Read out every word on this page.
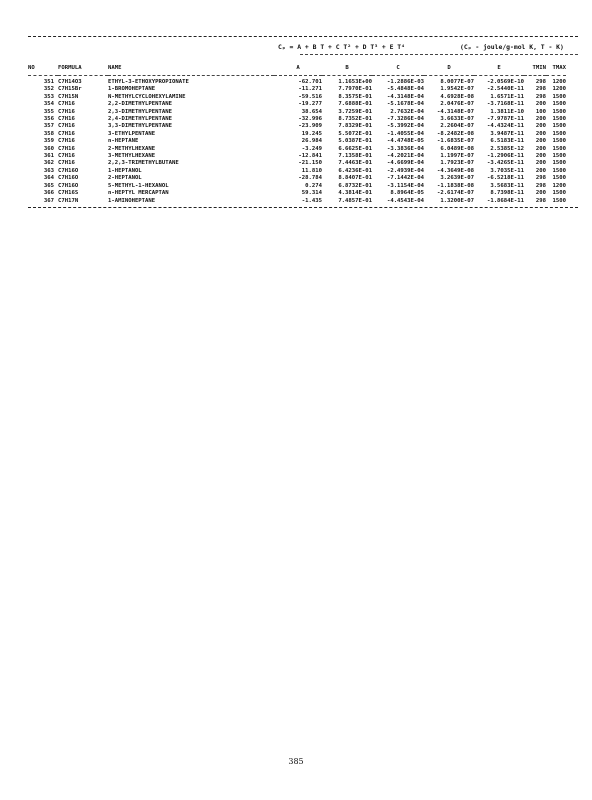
Cₚ = A + B T + C T² + D T³ + E T⁴	(Cₚ - joule/g-mol K, T - K)
NO	FORMULA	NAME	A	B	C	D	E	TMIN	TMAX

351	C7H14O3	ETHYL-3-ETHOXYPROPIONATE	-62.701	1.1653E+00	-1.2886E-03	8.0077E-07	-2.0569E-10	298	1200
352	C7H15Br	1-BROMOHEPTANE	-11.271	7.7970E-01	-5.4848E-04	1.9542E-07	-2.5440E-11	298	1200
353	C7H15N	N-METHYLCYCLOHEXYLAMINE	-59.516	8.3575E-01	-4.3148E-04	4.6928E-08	1.6571E-11	298	1500
354	C7H16	2,2-DIMETHYLPENTANE	-19.277	7.6888E-01	-5.1678E-04	2.0476E-07	-3.7168E-11	200	1500
355	C7H16	2,3-DIMETHYLPENTANE	38.654	3.7259E-01	2.7632E-04	-4.3148E-07	1.3811E-10	100	1500
356	C7H16	2,4-DIMETHYLPENTANE	-32.996	8.7352E-01	-7.3286E-04	3.6633E-07	-7.9787E-11	200	1500
357	C7H16	3,3-DIMETHYLPENTANE	-23.909	7.8329E-01	-5.3992E-04	2.2604E-07	-4.4324E-11	200	1500
358	C7H16	3-ETHYLPENTANE	19.245	5.5072E-01	-1.4055E-04	-8.2482E-08	3.9487E-11	200	1500
359	C7H16	n-HEPTANE	26.984	5.0387E-01	-4.4748E-05	-1.6835E-07	6.5183E-11	200	1500
360	C7H16	2-METHYLHEXANE	-3.249	6.6625E-01	-3.3836E-04	6.0489E-08	2.5385E-12	200	1500
361	C7H16	3-METHYLHEXANE	-12.841	7.1358E-01	-4.2021E-04	1.1997E-07	-1.2906E-11	200	1500
362	C7H16	2,2,3-TRIMETHYLBUTANE	-21.150	7.4463E-01	-4.6699E-04	1.7923E-07	-3.4265E-11	200	1500
363	C7H16O	1-HEPTANOL	11.810	6.4236E-01	-2.4939E-04	-4.3649E-08	3.7035E-11	200	1500
364	C7H16O	2-HEPTANOL	-28.784	8.8407E-01	-7.1442E-04	3.2639E-07	-6.5218E-11	298	1500
365	C7H16O	5-METHYL-1-HEXANOL	0.274	6.8732E-01	-3.1154E-04	-1.1838E-08	3.5683E-11	298	1200
366	C7H16S	n-HEPTYL MERCAPTAN	59.314	4.3814E-01	8.8964E-05	-2.6174E-07	8.7398E-11	200	1500
367	C7H17N	1-AMINOHEPTANE	-1.435	7.4857E-01	-4.4543E-04	1.3200E-07	-1.8684E-11	298	1500
385
